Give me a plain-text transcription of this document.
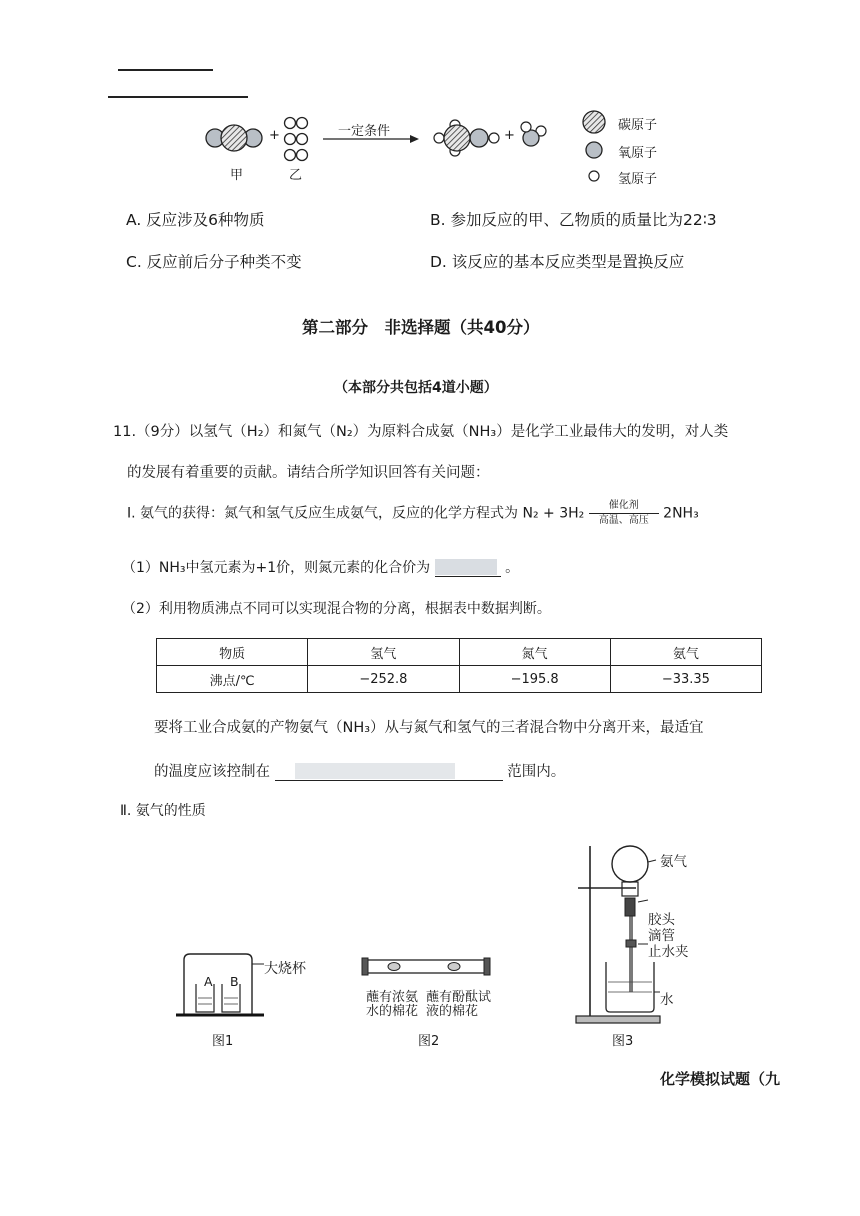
+	+
一定条件
甲	乙
碳原子
氧原子
氢原子
A. 反应涉及6种物质	B. 参加反应的甲、乙物质的质量比为22∶3
C. 反应前后分子种类不变	D. 该反应的基本反应类型是置换反应
第二部分　非选择题（共40分）
（本部分共包括4道小题）
11.（9分）以氢气（H₂）和氮气（N₂）为原料合成氨（NH₃）是化学工业最伟大的发明，对人类
的发展有着重要的贡献。请结合所学知识回答有关问题：
Ⅰ. 氨气的获得：氮气和氢气反应生成氨气，反应的化学方程式为 $N_2 + 3H_2 \frac{\text{催化剂}}{\text{高温、高压}} 2NH_3$
（1）NH₃中氢元素为+1价，则氮元素的化合价为	。
（2）利用物质沸点不同可以实现混合物的分离，根据表中数据判断。
物质	氢气	氮气	氨气
沸点/℃	−252.8	−195.8	−33.35
要将工业合成氨的产物氨气（NH₃）从与氮气和氢气的三者混合物中分离开来，最适宜
的温度应该控制在	范围内。
Ⅱ. 氨气的性质
A B
大烧杯
图1
蘸有浓氨
水的棉花
蘸有酚酞试
液的棉花
图2
氨气
胶头
滴管
止水夹
水
图3
化学模拟试题（九
